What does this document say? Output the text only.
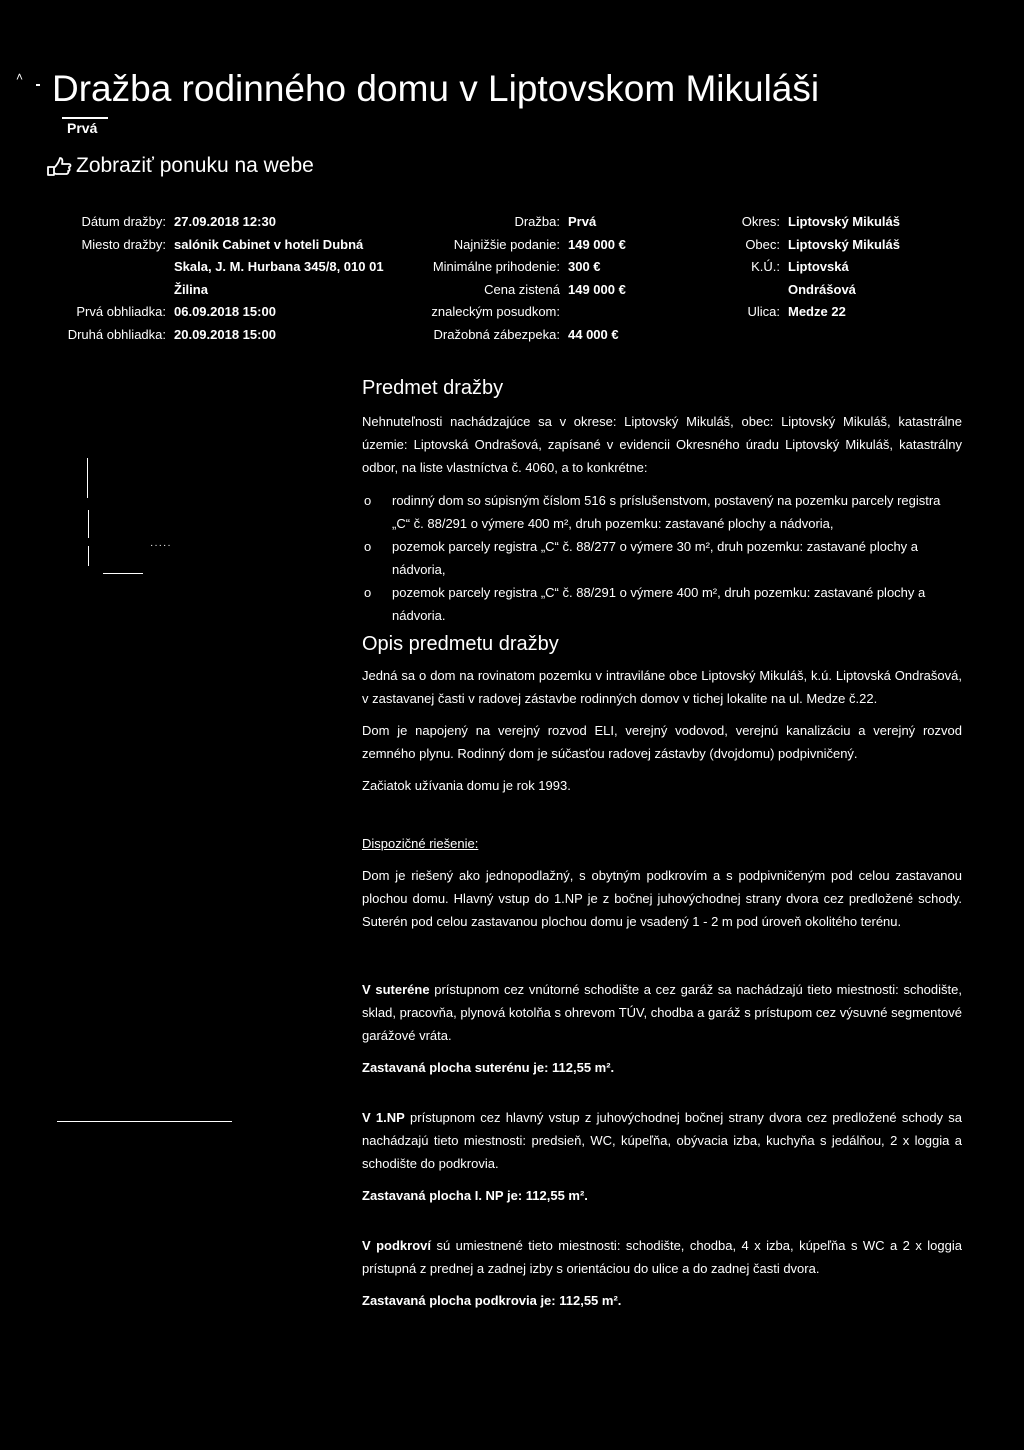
˄ Dražba rodinného domu v Liptovskom Mikuláši
Prvá
Zobraziť ponuku na webe
Dátum dražby: 27.09.2018 12:30
Miesto dražby: salónik Cabinet v hoteli Dubná
Skala, J. M. Hurbana 345/8, 010 01
Žilina
Prvá obhliadka: 06.09.2018 15:00
Druhá obhliadka: 20.09.2018 15:00
Dražba: Prvá
Najnižšie podanie: 149 000 €
Minimálne prihodenie: 300 €
Cena zistená 149 000 €
znaleckým posudkom:
Dražobná zábezpeka: 44 000 €
Okres: Liptovský Mikuláš
Obec: Liptovský Mikuláš
K.Ú.: Liptovská
Ondrášová
Ulica: Medze 22
·····
Predmet dražby

Nehnuteľnosti nachádzajúce sa v okrese: Liptovský Mikuláš, obec: Liptovský Mikuláš, katastrálne územie: Liptovská Ondrašová, zapísané v evidencii Okresného úradu Liptovský Mikuláš, katastrálny odbor, na liste vlastníctva č. 4060, a to konkrétne:

o rodinný dom so súpisným číslom 516 s príslušenstvom, postavený na pozemku parcely registra „C“ č. 88/291 o výmere 400 m², druh pozemku: zastavané plochy a nádvoria,
o pozemok parcely registra „C“ č. 88/277 o výmere 30 m², druh pozemku: zastavané plochy a nádvoria,
o pozemok parcely registra „C“ č. 88/291 o výmere 400 m², druh pozemku: zastavané plochy a nádvoria.
Opis predmetu dražby

Jedná sa o dom na rovinatom pozemku v intraviláne obce Liptovský Mikuláš, k.ú. Liptovská Ondrašová, v zastavanej časti v radovej zástavbe rodinných domov v tichej lokalite na ul. Medze č.22.

Dom je napojený na verejný rozvod ELI, verejný vodovod, verejnú kanalizáciu a verejný rozvod zemného plynu. Rodinný dom je súčasťou radovej zástavby (dvojdomu) podpivničený.

Začiatok užívania domu je rok 1993.

Dispozičné riešenie:

Dom je riešený ako jednopodlažný, s obytným podkrovím a s podpivničeným pod celou zastavanou plochou domu. Hlavný vstup do 1.NP je z bočnej juhovýchodnej strany dvora cez predložené schody. Suterén pod celou zastavanou plochou domu je vsadený 1 - 2 m pod úroveň okolitého terénu.

V suteréne prístupnom cez vnútorné schodište a cez garáž sa nachádzajú tieto miestnosti: schodište, sklad, pracovňa, plynová kotolňa s ohrevom TÚV, chodba a garáž s prístupom cez výsuvné segmentové garážové vráta.

Zastavaná plocha suterénu je: 112,55 m².

V 1.NP prístupnom cez hlavný vstup z juhovýchodnej bočnej strany dvora cez predložené schody sa nachádzajú tieto miestnosti: predsieň, WC, kúpeľňa, obývacia izba, kuchyňa s jedálňou, 2 x loggia a schodište do podkrovia.

Zastavaná plocha I. NP je: 112,55 m².

V podkroví sú umiestnené tieto miestnosti: schodište, chodba, 4 x izba, kúpeľňa s WC a 2 x loggia prístupná z prednej a zadnej izby s orientáciou do ulice a do zadnej časti dvora.

Zastavaná plocha podkrovia je: 112,55 m².
